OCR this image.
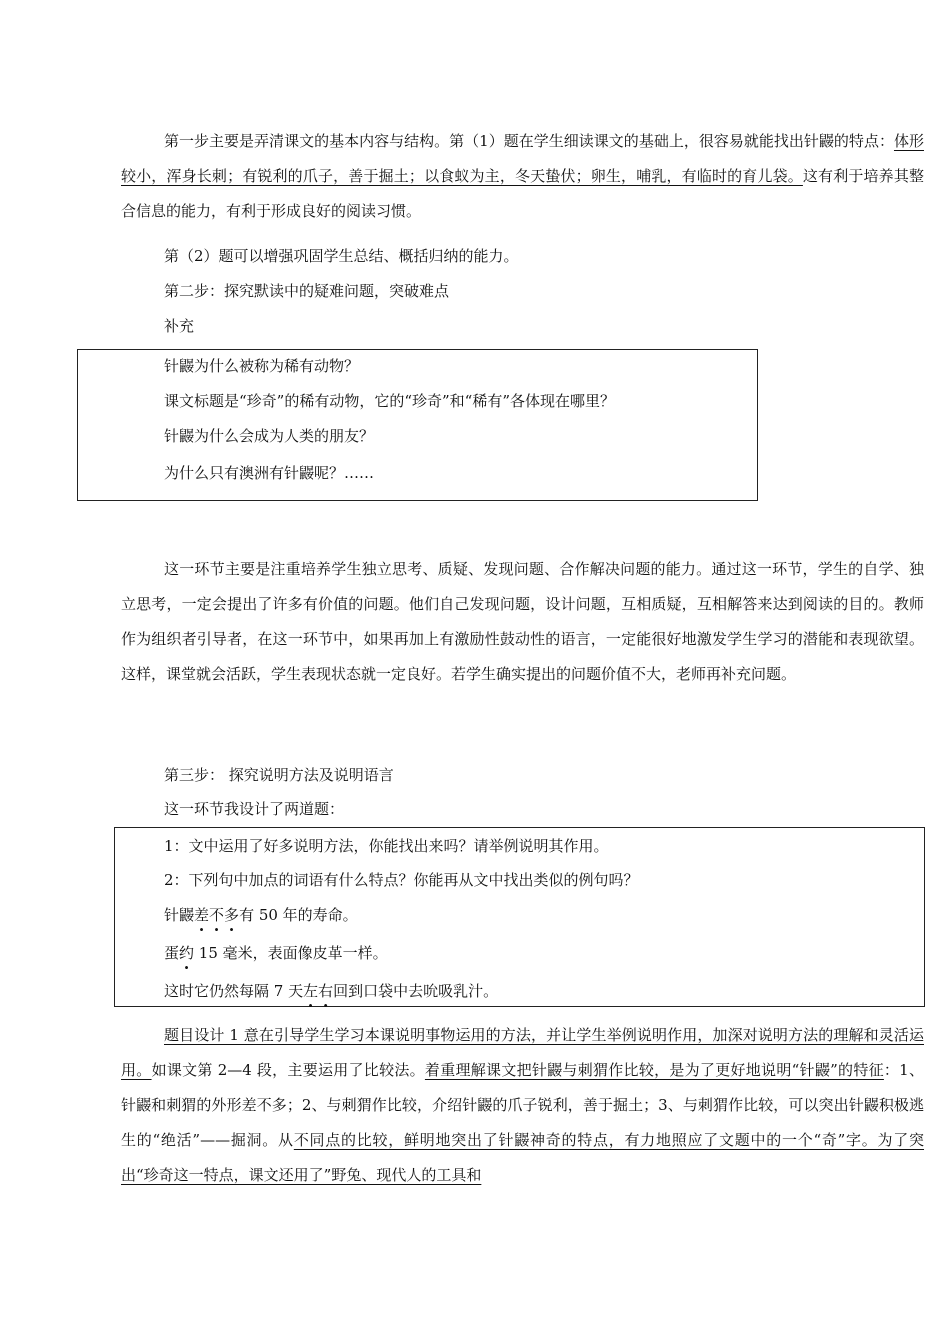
第一步主要是弄清课文的基本内容与结构。第（1）题在学生细读课文的基础上，很容易就能找出针鼹的特点：体形较小，浑身长刺；有锐利的爪子，善于掘土；以食蚁为主，冬天蛰伏；卵生，哺乳，有临时的育儿袋。这有利于培养其整合信息的能力，有利于形成良好的阅读习惯。

第（2）题可以增强巩固学生总结、概括归纳的能力。
第二步：探究默读中的疑难问题，突破难点
补充
针鼹为什么被称为稀有动物？
课文标题是“珍奇”的稀有动物，它的“珍奇”和“稀有”各体现在哪里？
针鼹为什么会成为人类的朋友？
为什么只有澳洲有针鼹呢？……

这一环节主要是注重培养学生独立思考、质疑、发现问题、合作解决问题的能力。通过这一环节，学生的自学、独立思考，一定会提出了许多有价值的问题。他们自己发现问题，设计问题，互相质疑，互相解答来达到阅读的目的。教师作为组织者引导者，在这一环节中，如果再加上有激励性鼓动性的语言，一定能很好地激发学生学习的潜能和表现欲望。这样，课堂就会活跃，学生表现状态就一定良好。若学生确实提出的问题价值不大，老师再补充问题。

第三步： 探究说明方法及说明语言
这一环节我设计了两道题：
1：文中运用了好多说明方法，你能找出来吗？请举例说明其作用。
2：下列句中加点的词语有什么特点？你能再从文中找出类似的例句吗？
针鼹差不多有 50 年的寿命。
蛋约 15 毫米，表面像皮革一样。
这时它仍然每隔 7 天左右回到口袋中去吮吸乳汁。

题目设计 1 意在引导学生学习本课说明事物运用的方法，并让学生举例说明作用，加深对说明方法的理解和灵活运用。如课文第 2—4 段，主要运用了比较法。着重理解课文把针鼹与刺猬作比较，是为了更好地说明“针鼹”的特征：1、针鼹和刺猬的外形差不多；2、与刺猬作比较，介绍针鼹的爪子锐利，善于掘土；3、与刺猬作比较，可以突出针鼹积极逃生的“绝活”——掘洞。从不同点的比较，鲜明地突出了针鼹神奇的特点，有力地照应了文题中的一个“奇”字。为了突出“珍奇这一特点，课文还用了”野兔、现代人的工具和
